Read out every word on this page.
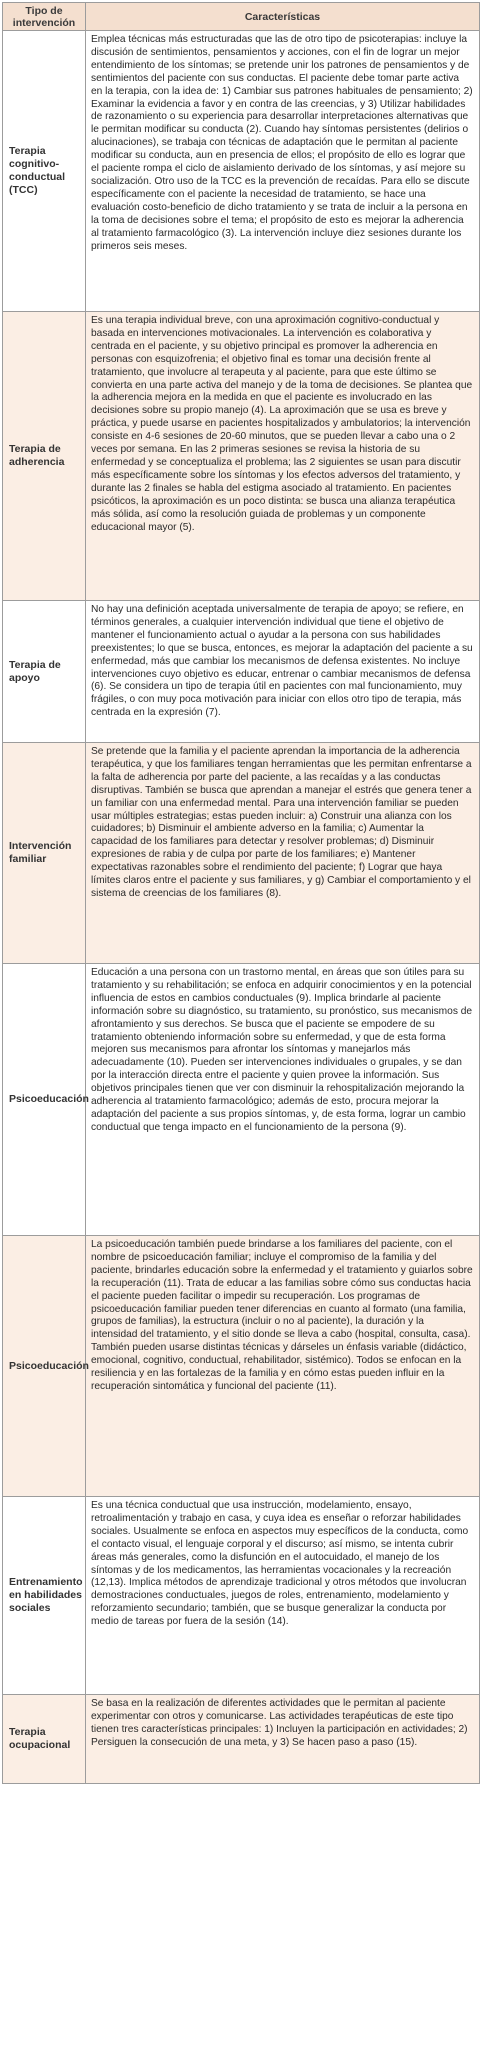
Tipo de intervención	Características
Terapia cognitivo-conductual (TCC)

Emplea técnicas más estructuradas que las de otro tipo de psicoterapias: incluye la discusión de sentimientos, pensamientos y acciones, con el fin de lograr un mejor entendimiento de los síntomas; se pretende unir los patrones de pensamientos y de sentimientos del paciente con sus conductas. El paciente debe tomar parte activa en la terapia, con la idea de: 1) Cambiar sus patrones habituales de pensamiento; 2) Examinar la evidencia a favor y en contra de las creencias, y 3) Utilizar habilidades de razonamiento o su experiencia para desarrollar interpretaciones alternativas que le permitan modificar su conducta (2). Cuando hay síntomas persistentes (delirios o alucinaciones), se trabaja con técnicas de adaptación que le permitan al paciente modificar su conducta, aun en presencia de ellos; el propósito de ello es lograr que el paciente rompa el ciclo de aislamiento derivado de los síntomas, y así mejore su socialización. Otro uso de la TCC es la prevención de recaídas. Para ello se discute específicamente con el paciente la necesidad de tratamiento, se hace una evaluación costo-beneficio de dicho tratamiento y se trata de incluir a la persona en la toma de decisiones sobre el tema; el propósito de esto es mejorar la adherencia al tratamiento farmacológico (3). La intervención incluye diez sesiones durante los primeros seis meses.

Terapia de adherencia

Es una terapia individual breve, con una aproximación cognitivo-conductual y basada en intervenciones motivacionales. La intervención es colaborativa y centrada en el paciente, y su objetivo principal es promover la adherencia en personas con esquizofrenia; el objetivo final es tomar una decisión frente al tratamiento, que involucre al terapeuta y al paciente, para que este último se convierta en una parte activa del manejo y de la toma de decisiones. Se plantea que la adherencia mejora en la medida en que el paciente es involucrado en las decisiones sobre su propio manejo (4). La aproximación que se usa es breve y práctica, y puede usarse en pacientes hospitalizados y ambulatorios; la intervención consiste en 4-6 sesiones de 20-60 minutos, que se pueden llevar a cabo una o 2 veces por semana. En las 2 primeras sesiones se revisa la historia de su enfermedad y se conceptualiza el problema; las 2 siguientes se usan para discutir más específicamente sobre los síntomas y los efectos adversos del tratamiento, y durante las 2 finales se habla del estigma asociado al tratamiento. En pacientes psicóticos, la aproximación es un poco distinta: se busca una alianza terapéutica más sólida, así como la resolución guiada de problemas y un componente educacional mayor (5).

Terapia de apoyo

No hay una definición aceptada universalmente de terapia de apoyo; se refiere, en términos generales, a cualquier intervención individual que tiene el objetivo de mantener el funcionamiento actual o ayudar a la persona con sus habilidades preexistentes; lo que se busca, entonces, es mejorar la adaptación del paciente a su enfermedad, más que cambiar los mecanismos de defensa existentes. No incluye intervenciones cuyo objetivo es educar, entrenar o cambiar mecanismos de defensa (6). Se considera un tipo de terapia útil en pacientes con mal funcionamiento, muy frágiles, o con muy poca motivación para iniciar con ellos otro tipo de terapia, más centrada en la expresión (7).

Intervención familiar

Se pretende que la familia y el paciente aprendan la importancia de la adherencia terapéutica, y que los familiares tengan herramientas que les permitan enfrentarse a la falta de adherencia por parte del paciente, a las recaídas y a las conductas disruptivas. También se busca que aprendan a manejar el estrés que genera tener a un familiar con una enfermedad mental. Para una intervención familiar se pueden usar múltiples estrategias; estas pueden incluir: a) Construir una alianza con los cuidadores; b) Disminuir el ambiente adverso en la familia; c) Aumentar la capacidad de los familiares para detectar y resolver problemas; d) Disminuir expresiones de rabia y de culpa por parte de los familiares; e) Mantener expectativas razonables sobre el rendimiento del paciente; f) Lograr que haya límites claros entre el paciente y sus familiares, y g) Cambiar el comportamiento y el sistema de creencias de los familiares (8).

Psicoeducación

Educación a una persona con un trastorno mental, en áreas que son útiles para su tratamiento y su rehabilitación; se enfoca en adquirir conocimientos y en la potencial influencia de estos en cambios conductuales (9). Implica brindarle al paciente información sobre su diagnóstico, su tratamiento, su pronóstico, sus mecanismos de afrontamiento y sus derechos. Se busca que el paciente se empodere de su tratamiento obteniendo información sobre su enfermedad, y que de esta forma mejoren sus mecanismos para afrontar los síntomas y manejarlos más adecuadamente (10). Pueden ser intervenciones individuales o grupales, y se dan por la interacción directa entre el paciente y quien provee la información. Sus objetivos principales tienen que ver con disminuir la rehospitalización mejorando la adherencia al tratamiento farmacológico; además de esto, procura mejorar la adaptación del paciente a sus propios síntomas, y, de esta forma, lograr un cambio conductual que tenga impacto en el funcionamiento de la persona (9).

Psicoeducación

La psicoeducación también puede brindarse a los familiares del paciente, con el nombre de psicoeducación familiar; incluye el compromiso de la familia y del paciente, brindarles educación sobre la enfermedad y el tratamiento y guiarlos sobre la recuperación (11). Trata de educar a las familias sobre cómo sus conductas hacia el paciente pueden facilitar o impedir su recuperación. Los programas de psicoeducación familiar pueden tener diferencias en cuanto al formato (una familia, grupos de familias), la estructura (incluir o no al paciente), la duración y la intensidad del tratamiento, y el sitio donde se lleva a cabo (hospital, consulta, casa). También pueden usarse distintas técnicas y dárseles un énfasis variable (didáctico, emocional, cognitivo, conductual, rehabilitador, sistémico). Todos se enfocan en la resiliencia y en las fortalezas de la familia y en cómo estas pueden influir en la recuperación sintomática y funcional del paciente (11).

Entrenamiento en habilidades sociales

Es una técnica conductual que usa instrucción, modelamiento, ensayo, retroalimentación y trabajo en casa, y cuya idea es enseñar o reforzar habilidades sociales. Usualmente se enfoca en aspectos muy específicos de la conducta, como el contacto visual, el lenguaje corporal y el discurso; así mismo, se intenta cubrir áreas más generales, como la disfunción en el autocuidado, el manejo de los síntomas y de los medicamentos, las herramientas vocacionales y la recreación (12,13). Implica métodos de aprendizaje tradicional y otros métodos que involucran demostraciones conductuales, juegos de roles, entrenamiento, modelamiento y reforzamiento secundario; también, que se busque generalizar la conducta por medio de tareas por fuera de la sesión (14).

Terapia ocupacional

Se basa en la realización de diferentes actividades que le permitan al paciente experimentar con otros y comunicarse. Las actividades terapéuticas de este tipo tienen tres características principales: 1) Incluyen la participación en actividades; 2) Persiguen la consecución de una meta, y 3) Se hacen paso a paso (15).
